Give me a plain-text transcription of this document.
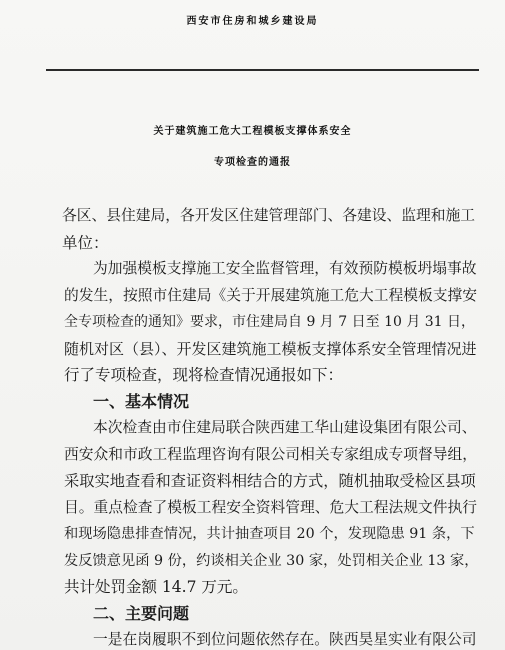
西安市住房和城乡建设局
关于建筑施工危大工程模板支撑体系安全
专项检查的通报
各区、县住建局，各开发区住建管理部门、各建设、监理和施工
单位：
为加强模板支撑施工安全监督管理，有效预防模板坍塌事故
的发生，按照市住建局《关于开展建筑施工危大工程模板支撑安
全专项检查的通知》要求，市住建局自 9 月 7 日至 10 月 31 日，
随机对区（县）、开发区建筑施工模板支撑体系安全管理情况进
行了专项检查，现将检查情况通报如下：
一、基本情况
本次检查由市住建局联合陕西建工华山建设集团有限公司、
西安众和市政工程监理咨询有限公司相关专家组成专项督导组，
采取实地查看和查证资料相结合的方式，随机抽取受检区县项
目。重点检查了模板工程安全资料管理、危大工程法规文件执行
和现场隐患排查情况，共计抽查项目 20 个，发现隐患 91 条，下
发反馈意见函 9 份，约谈相关企业 30 家，处罚相关企业 13 家，
共计处罚金额 14.7 万元。
二、主要问题
一是在岗履职不到位问题依然存在。陕西昊星实业有限公司
